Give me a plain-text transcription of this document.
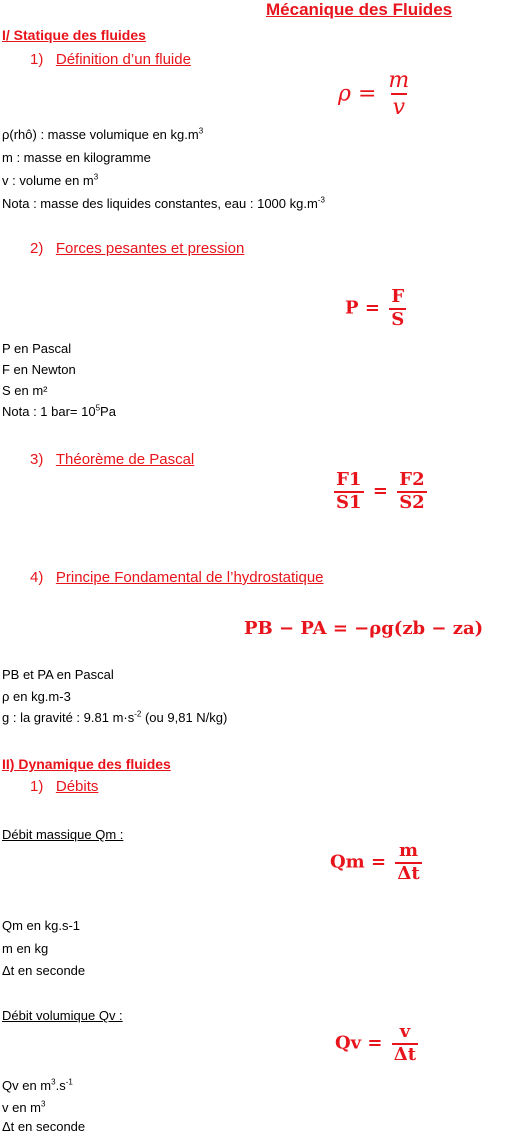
Mécanique des Fluides
I/ Statique des fluides
1) Définition d’un fluide
$\rho = \frac{m}{v}$
ρ(rhô) : masse volumique en $kg.m^3$
m : masse en kilogramme
v : volume en $m^3$
Nota : masse des liquides constantes, eau : 1000 $kg.m^{-3}$
2) Forces pesantes et pression
$P = \frac{F}{S}$
P en Pascal
F en Newton
S en m²
Nota : 1 $bar= 10^5Pa$
3) Théorème de Pascal
$\frac{F1}{S1} = \frac{F2}{S2}$
4) Principe Fondamental de l’hydrostatique
PB − PA = −ρg(zb − za)
PB et PA en Pascal
ρ en kg.m-3
g : la gravité : 9.81 $m\cdot s^{-2}$ (ou 9,81 N/kg)
II) Dynamique des fluides
1) Débits
Débit massique Qm :
$Qm = \frac{m}{\Delta t}$
Qm en kg.s-1
m en kg
Δt en seconde
Débit volumique Qv :
$Qv = \frac{v}{\Delta t}$
Qv en $m^3.s^{-1}$
v en $m^3$
Δt en seconde
